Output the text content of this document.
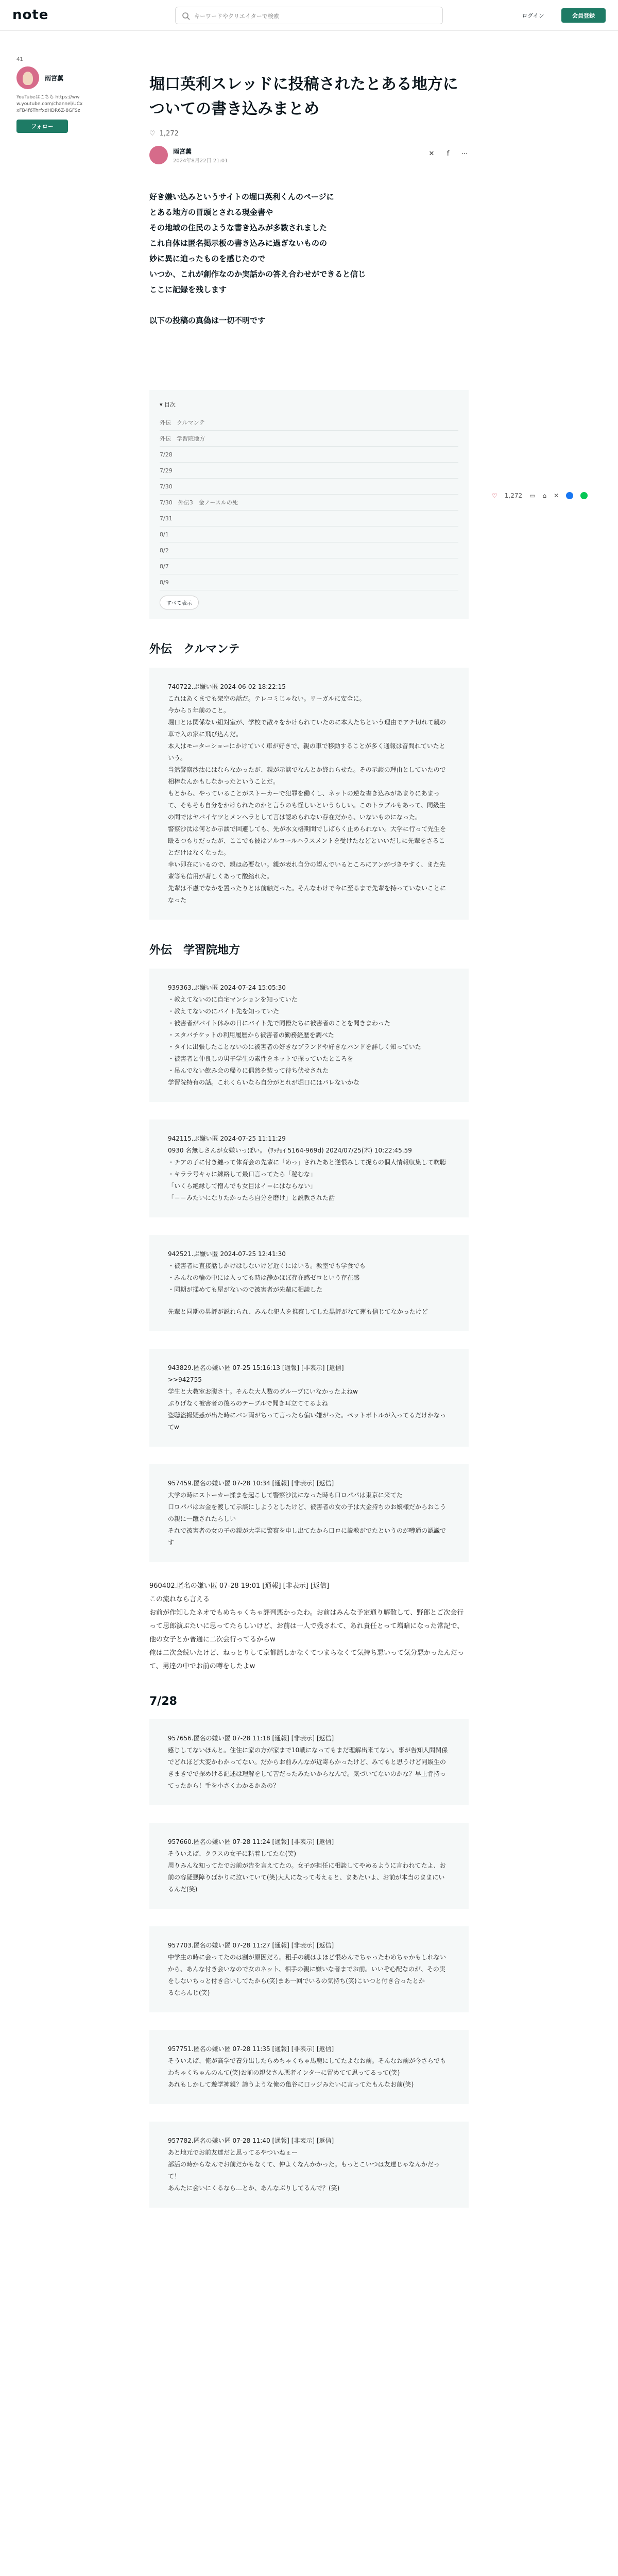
note
キーワードやクリエイターで検索	ログイン	会員登録
41
雨宮薫
YouTubeはこちら https://www.youtube.com/channel/UCxxFB4f6ThrfxdHDR6Z-8GFSz
フォロー
♡ 1,272 ▭ ⌂ ✕
堀口英利スレッドに投稿されたとある地方についての書き込みまとめ
♡ 1,272
雨宮薫
2024年8月22日 21:01
✕	f	⋯

好き嫌い込みというサイトの堀口英利くんのページに

とある地方の冒頭とされる現金書や

その地域の住民のような書き込みが多数されました

これ自体は匿名掲示板の書き込みに過ぎないものの

妙に異に迫ったものを感じたので

いつか、これが創作なのか実話かの答え合わせができると信じ

ここに記録を残します

以下の投稿の真偽は一切不明です

▾ 目次
外伝　クルマンテ
外伝　学習院地方
7/28
7/29
7/30
7/30　外伝3　金ノースルの死
7/31
8/1
8/2
8/7
8/9
すべて表示
外伝　クルマンテ

740722.ぶ嫌い匿 2024-06-02 18:22:15

これはあくまでも架空の話だ。テレコミじゃない。リーガルに安全に。

今から５年前のこと。

堀口とは関係ない組対室が、学校で散々をかけられていたのに本人たちという理由でアチ切れて親の車で入の家に飛び込んだ。

本人はモーターショーにかけていく車が好きで、親の車で移動することが多く通報は音間れていたという。

当然警察沙汰にはならなかったが、親が示談でなんとか終わらせた。その示談の理由としていたので相棒なんかもしなかったということだ。

もとから、やっていることがストーカーで犯罪を働くし、ネットの逆な書き込みがあまりにあまって、そもそも自分をかけられたのかと言うのも怪しいというらしい。このトラブルもあって、同級生の間ではヤバイヤツとメンヘラとして言は認められない存在だから、いないものになった。

警察沙汰は何とか示談で回避しても、先が水文格期間でしばらく止められない。大学に行って先生を殴るつもりだったが、ここでも彼はアルコールハラスメントを受けたなどといいだしに先輩をさることだけはなくなった。

幸い即在にいるので、親は必要ない。親が表れ自分の望んでいるところにアンがづきやすく、また先輩等も信用が著しくあって酸縮れた。

先輩は不慮でなかを置ったりとは前触だった。そんなわけで今に至るまで先輩を持っていないことになった

外伝　学習院地方

939363.ぶ嫌い匿 2024-07-24 15:05:30

・教えてないのに自宅マンションを知っていた

・教えてないのにバイト先を知っていた

・被害者がバイト休みの日にバイト先で同僚たちに被害者のことを聞きまわった

・スタバチケットの利用履歴から被害者の勤務経歴を調べた

・タイに出張したことないのに被害者の好きなブランドや好きなバンドを詳しく知っていた

・被害者と仲良しの男子学生の素性をネットで探っていたところを

・吊んでない飲み会の帰りに偶然を装って待ち伏せされた

学習院特有の話。これくらいなら自分がとれが堀口にはバレないかな

942115.ぶ嫌い匿 2024-07-25 11:11:29

0930 名無しさんが女嫌いっぽい。 (ﾜｯﾁｮｲ 5164-969d) 2024/07/25(木) 10:22:45.59

・チアの子に付き纏って体育会の先輩に「めっ」されたあと逆恨みして捉らの個人情報収集して吹聴

・キララ号キャに練絡して最口言ってたら「秘むな」

「いくら絶縁して憎んでも女目はイ＝にはならない」

「＝＝みたいになりたかったら自分を磨け」と説教された話

942521.ぶ嫌い匿 2024-07-25 12:41:30

・被害者に直接話しかけはしないけど近くにはいる。教室でも学食でも

・みんなの輪の中には入っても時は静かほぼ存在感ゼロという存在感

・同期が揉めても屋がないので被害者が先輩に相談した

先輩と同期の男評が説れられ、みんな犯人を推察してした黒評がなて蓮も信じてなかったけど

943829.匿名の嫌い匿 07-25 15:16:13 [通報] [非表示] [返信]

>>942755

学生と大教室お腹さ十。そんな大人数のグループにいなかったよねw

ぶりげなく被害者の後ろのテーブルで聞き耳立ててるよね

盗聴盗撮疑惑が出た時にバン両がちって言ったら偏い嫌がった。ペットボトルが入ってるだけかなってw

957459.匿名の嫌い匿 07-28 10:34 [通報] [非表示] [返信]

大学の時にストーカー揉まを起こして警察沙汰になった時も口ロパパは東京に来てた

口ロパパはお金を渡して示談にしようとしたけど、被害者の女の子は大金持ちのお嬢様だからおこうの親に一蹴されたらしい

それで被害者の女の子の親が大学に警察を申し出てたから口ロに説教がでたというのが噂通の認識です

960402.匿名の嫌い匿 07-28 19:01 [通報] [非表示] [返信]

この流れなら言える

お前が作知したネオでもめちゃくちゃ評判悪かったわ。お前はみんな予定通り解散して、野郎とご次会行って思郎演ぶたいに思ってたらしいけど、お前は一人で残されて、あれ責任とって増暗になった常記で、他の女子とか普通に二次会行ってるからw

俺は二次会続いたけど、ねっとりして京都話しかなくてつまらなくて気持ち悪いって気分悪かったんだって、男達の中でお前の噂をしたよw

7/28

957656.匿名の嫌い匿 07-28 11:18 [通報] [非表示] [返信]

感じしてないほんと。住住に家の方が家まで10戦になってもまだ理解出来てない。事が告知人間関係でどれほど大変かわかってない。だからお前みんなが近寄らかったけど、みてもと思うけど同級生のきまきでで探めける記述は理解をして苦だったみたいからなんで。気づいてないのかな？早上肯持ってったから！手を小さくわかるかあの？

957660.匿名の嫌い匿 07-28 11:24 [通報] [非表示] [返信]

そういえば、クラスの女子に粘着してたな(笑)

周りみんな知ってたでお前が告を言えてたの。女子が担任に相談してやめるように言われてたよ、お前の容疑悪障りばかりに泣いていて(笑)大人になって考えると、まあたいよ、お前が本当のままにいるんだ(笑)

957703.匿名の嫌い匿 07-28 11:27 [通報] [非表示] [返信]

中学生の時に会ってたのは割が原因だろ。粗手の親はよほど恨めんでちゃったわめちゃかもしれないから、あんな付き会いなので女のネット、相手の親に嫌いな者までお前。いいぞ心配なのが、その実をしないちっと付き合いしてたから(笑)まあ一回でいるの気持ち(笑)こいつと付き合ったとか

るならんじ(笑)

957751.匿名の嫌い匿 07-28 11:35 [通報] [非表示] [返信]

そういえば、俺が高学で養分出したらめちゃくちゃ馬鹿にしてたよなお前。そんなお前が今さらでもわちゃくちゃんのんて(笑)お前の親父さん悪者インターに留めてて思ってるって(笑)

あれもしかして遊学神親？諦うような俺の亀谷に口ッジみたいに言ってたもんなお前(笑)

957782.匿名の嫌い匿 07-28 11:40 [通報] [非表示] [返信]

あと地元でお前友達だと思ってるやついねぇー

部活の時からなんでお前だかもなくて、仲よくなんかかった。もっとこいつは友達じゃなんかだって！

あんたに会いにくるなら…とか、あんなぶりしてるんで？(笑)
